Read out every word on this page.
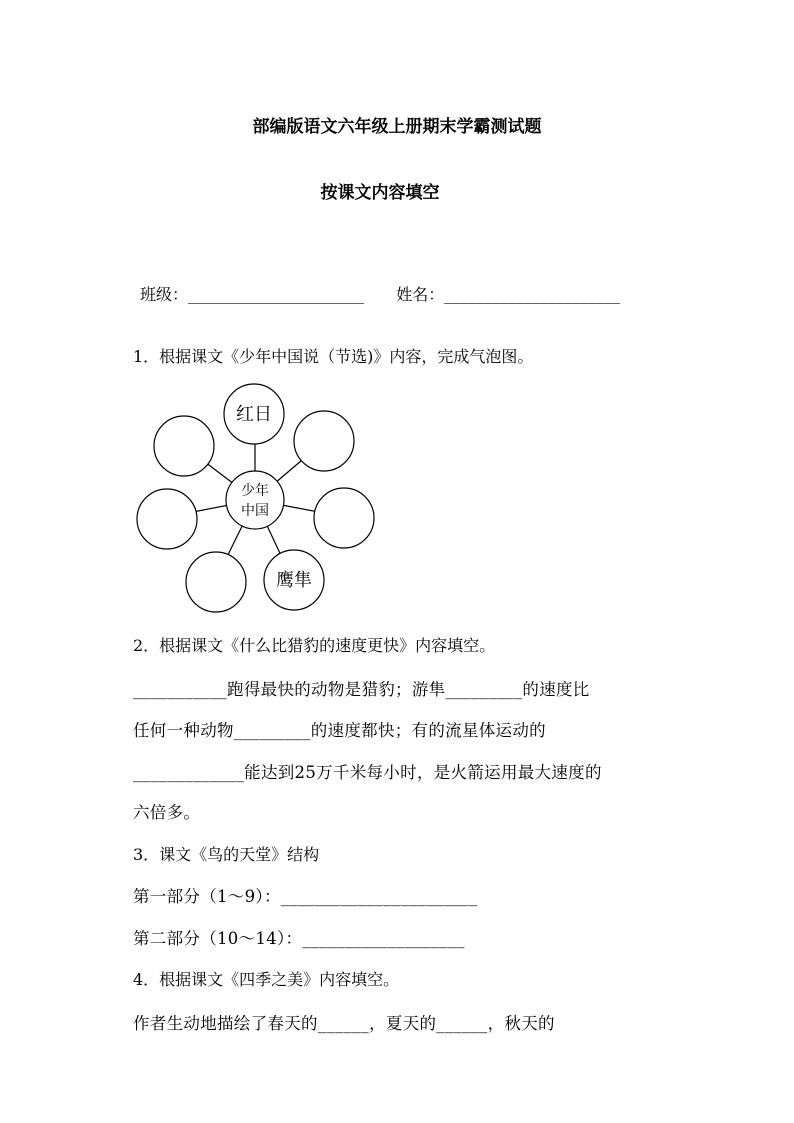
部编版语文六年级上册期末学霸测试题
按课文内容填空
班级：______________________ 姓名：______________________
1．根据课文《少年中国说（节选)》内容，完成气泡图。
少年
中国
红日
鹰隼
2．根据课文《什么比猎豹的速度更快》内容填空。
___________跑得最快的动物是猎豹；游隼_________的速度比
任何一种动物_________的速度都快；有的流星体运动的
_____________能达到25万千米每小时，是火箭运用最大速度的
六倍多。
3．课文《鸟的天堂》结构
第一部分（1～9）：_______________________
第二部分（10～14）：___________________
4．根据课文《四季之美》内容填空。
作者生动地描绘了春天的______，夏天的______，秋天的
